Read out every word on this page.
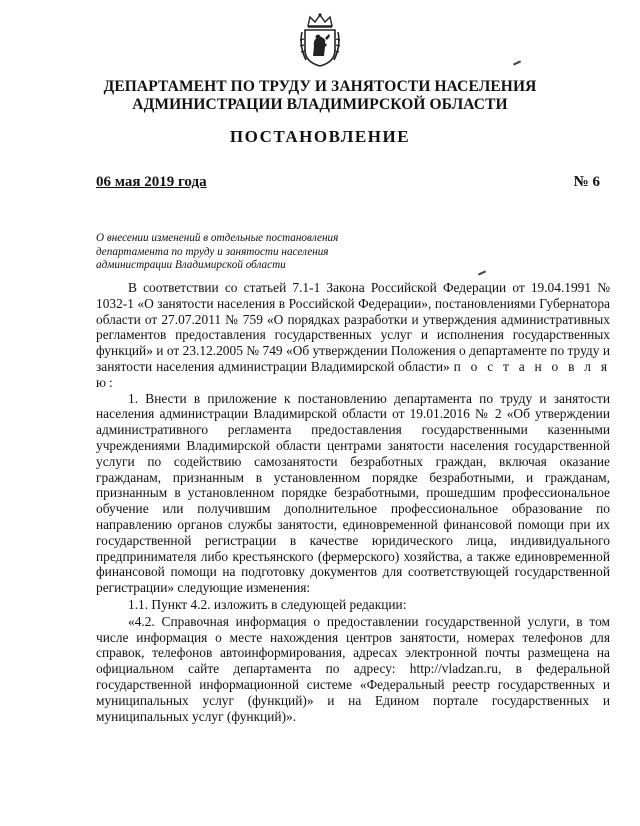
ДЕПАРТАМЕНТ ПО ТРУДУ И ЗАНЯТОСТИ НАСЕЛЕНИЯ
АДМИНИСТРАЦИИ ВЛАДИМИРСКОЙ ОБЛАСТИ
ПОСТАНОВЛЕНИЕ
06 мая 2019 года	№ 6
О внесении изменений в отдельные постановления департамента по труду и занятости населения администрации Владимирской области

В соответствии со статьей 7.1-1 Закона Российской Федерации от 19.04.1991 № 1032-1 «О занятости населения в Российской Федерации», постановлениями Губернатора области от 27.07.2011 № 759 «О порядках разработки и утверждения административных регламентов предоставления государственных услуг и исполнения государственных функций» и от 23.12.2005 № 749 «Об утверждении Положения о департаменте по труду и занятости населения администрации Владимирской области» п о с т а н о в л я ю:

1. Внести в приложение к постановлению департамента по труду и занятости населения администрации Владимирской области от 19.01.2016 № 2 «Об утверждении административного регламента предоставления государственными казенными учреждениями Владимирской области центрами занятости населения государственной услуги по содействию самозанятости безработных граждан, включая оказание гражданам, признанным в установленном порядке безработными, и гражданам, признанным в установленном порядке безработными, прошедшим профессиональное обучение или получившим дополнительное профессиональное образование по направлению органов службы занятости, единовременной финансовой помощи при их государственной регистрации в качестве юридического лица, индивидуального предпринимателя либо крестьянского (фермерского) хозяйства, а также единовременной финансовой помощи на подготовку документов для соответствующей государственной регистрации» следующие изменения:

1.1. Пункт 4.2. изложить в следующей редакции:

«4.2. Справочная информация о предоставлении государственной услуги, в том числе информация о месте нахождения центров занятости, номерах телефонов для справок, телефонов автоинформирования, адресах электронной почты размещена на официальном сайте департамента по адресу: http://vladzan.ru, в федеральной государственной информационной системе «Федеральный реестр государственных и муниципальных услуг (функций)» и на Едином портале государственных и муниципальных услуг (функций)».
